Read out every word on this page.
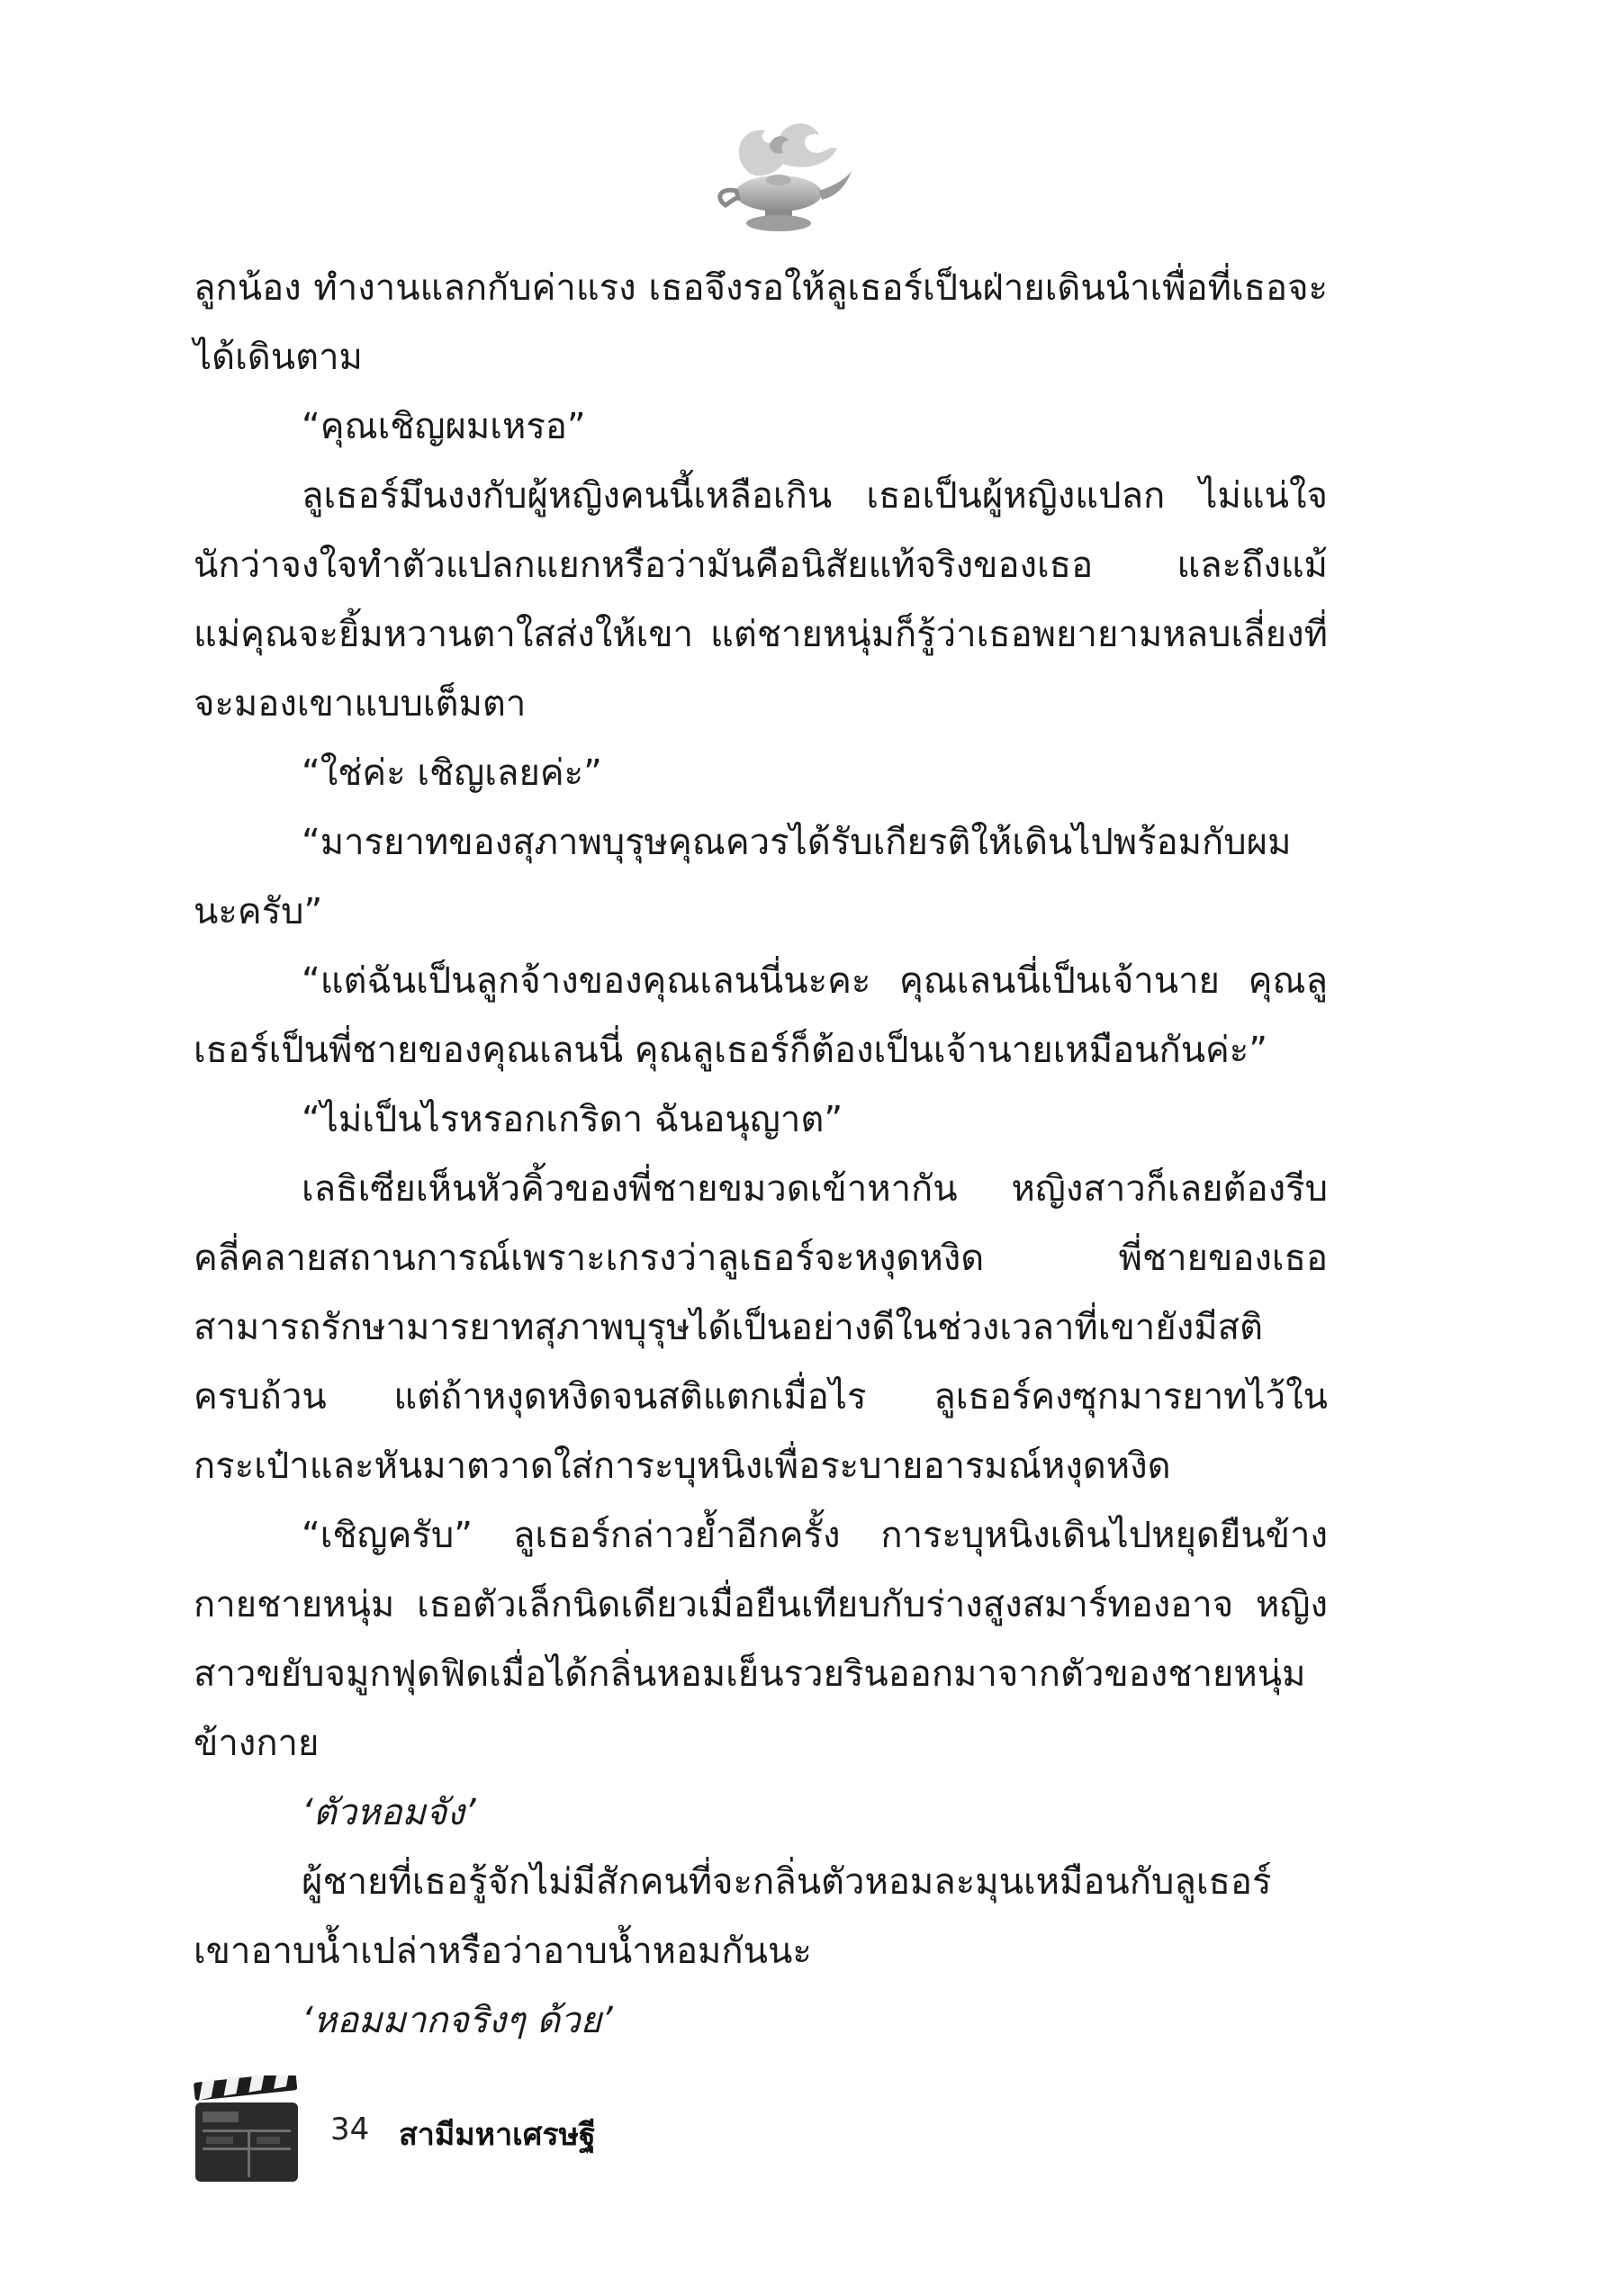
ลูกน้อง ทำงานแลกกับค่าแรง เธอจึงรอให้ลูเธอร์เป็นฝ่ายเดินนำเพื่อที่เธอจะได้เดินตาม

“คุณเชิญผมเหรอ”

ลูเธอร์มึนงงกับผู้หญิงคนนี้เหลือเกิน เธอเป็นผู้หญิงแปลก ไม่แน่ใจนักว่าจงใจทำตัวแปลกแยกหรือว่ามันคือนิสัยแท้จริงของเธอ และถึงแม้แม่คุณจะยิ้มหวานตาใสส่งให้เขา แต่ชายหนุ่มก็รู้ว่าเธอพยายามหลบเลี่ยงที่จะมองเขาแบบเต็มตา

“ใช่ค่ะ เชิญเลยค่ะ”

“มารยาทของสุภาพบุรุษคุณควรได้รับเกียรติให้เดินไปพร้อมกับผมนะครับ”

“แต่ฉันเป็นลูกจ้างของคุณเลนนี่นะคะ คุณเลนนี่เป็นเจ้านาย คุณลูเธอร์เป็นพี่ชายของคุณเลนนี่ คุณลูเธอร์ก็ต้องเป็นเจ้านายเหมือนกันค่ะ”

“ไม่เป็นไรหรอกเกริดา ฉันอนุญาต”

เลธิเซียเห็นหัวคิ้วของพี่ชายขมวดเข้าหากัน หญิงสาวก็เลยต้องรีบคลี่คลายสถานการณ์เพราะเกรงว่าลูเธอร์จะหงุดหงิด พี่ชายของเธอสามารถรักษามารยาทสุภาพบุรุษได้เป็นอย่างดีในช่วงเวลาที่เขายังมีสติครบถ้วน แต่ถ้าหงุดหงิดจนสติแตกเมื่อไร ลูเธอร์คงซุกมารยาทไว้ในกระเป๋าและหันมาตวาดใส่การะบุหนิงเพื่อระบายอารมณ์หงุดหงิด

“เชิญครับ” ลูเธอร์กล่าวย้ำอีกครั้ง การะบุหนิงเดินไปหยุดยืนข้างกายชายหนุ่ม เธอตัวเล็กนิดเดียวเมื่อยืนเทียบกับร่างสูงสมาร์ทองอาจ หญิงสาวขยับจมูกฟุดฟิดเมื่อได้กลิ่นหอมเย็นรวยรินออกมาจากตัวของชายหนุ่มข้างกาย

‘ตัวหอมจัง’

ผู้ชายที่เธอรู้จักไม่มีสักคนที่จะกลิ่นตัวหอมละมุนเหมือนกับลูเธอร์เขาอาบน้ำเปล่าหรือว่าอาบน้ำหอมกันนะ

‘หอมมากจริงๆ ด้วย’

34 สามีมหาเศรษฐี
